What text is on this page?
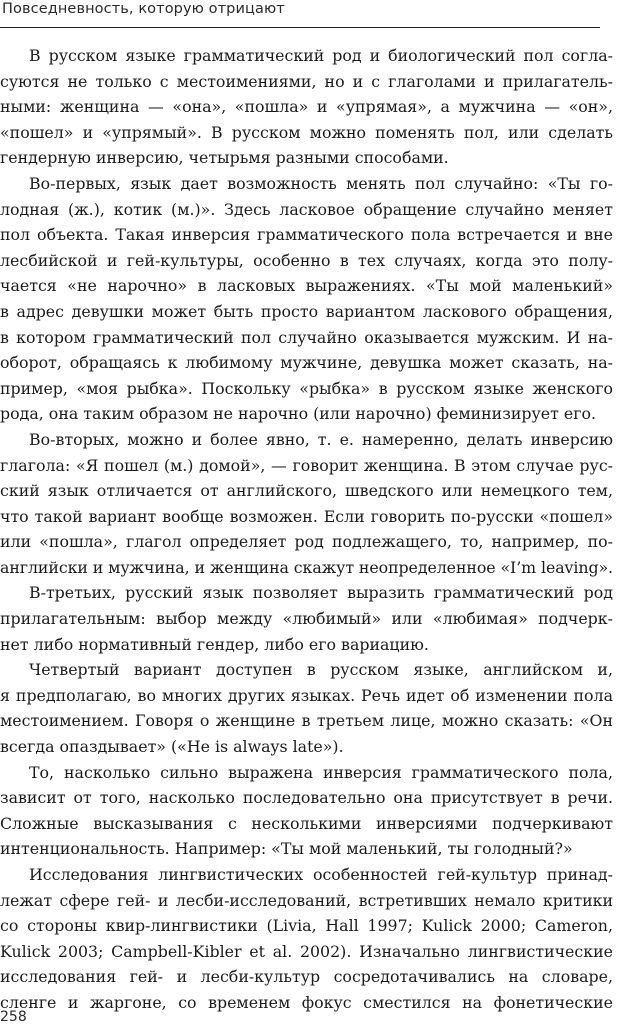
Повседневность, которую отрицают
В русском языке грамматический род и биологический пол согла-
суются не только с местоимениями, но и с глаголами и прилагатель-
ными: женщина — «она», «пошла» и «упрямая», а мужчина — «он»,
«пошел» и «упрямый». В русском можно поменять пол, или сделать
гендерную инверсию, четырьмя разными способами.
Во-первых, язык дает возможность менять пол случайно: «Ты го-
лодная (ж.), котик (м.)». Здесь ласковое обращение случайно меняет
пол объекта. Такая инверсия грамматического пола встречается и вне
лесбийской и гей-культуры, особенно в тех случаях, когда это полу-
чается «не нарочно» в ласковых выражениях. «Ты мой маленький»
в адрес девушки может быть просто вариантом ласкового обращения,
в котором грамматический пол случайно оказывается мужским. И на-
оборот, обращаясь к любимому мужчине, девушка может сказать, на-
пример, «моя рыбка». Поскольку «рыбка» в русском языке женского
рода, она таким образом не нарочно (или нарочно) феминизирует его.
Во-вторых, можно и более явно, т. е. намеренно, делать инверсию
глагола: «Я пошел (м.) домой», — говорит женщина. В этом случае рус-
ский язык отличается от английского, шведского или немецкого тем,
что такой вариант вообще возможен. Если говорить по-русски «пошел»
или «пошла», глагол определяет род подлежащего, то, например, по-
английски и мужчина, и женщина скажут неопределенное «I’m leaving».
В-третьих, русский язык позволяет выразить грамматический род
прилагательным: выбор между «любимый» или «любимая» подчерк-
нет либо нормативный гендер, либо его вариацию.
Четвертый вариант доступен в русском языке, английском и,
я предполагаю, во многих других языках. Речь идет об изменении пола
местоимением. Говоря о женщине в третьем лице, можно сказать: «Он
всегда опаздывает» («He is always late»).
То, насколько сильно выражена инверсия грамматического пола,
зависит от того, насколько последовательно она присутствует в речи.
Сложные высказывания с несколькими инверсиями подчеркивают
интенциональность. Например: «Ты мой маленький, ты голодный?»
Исследования лингвистических особенностей гей-культур принад-
лежат сфере гей- и лесби-исследований, встретивших немало критики
со стороны квир-лингвистики (Livia, Hall 1997; Kulick 2000; Cameron,
Kulick 2003; Campbell-Kibler et al. 2002). Изначально лингвистические
исследования гей- и лесби-культур сосредотачивались на словаре,
сленге и жаргоне, со временем фокус сместился на фонетические
258
